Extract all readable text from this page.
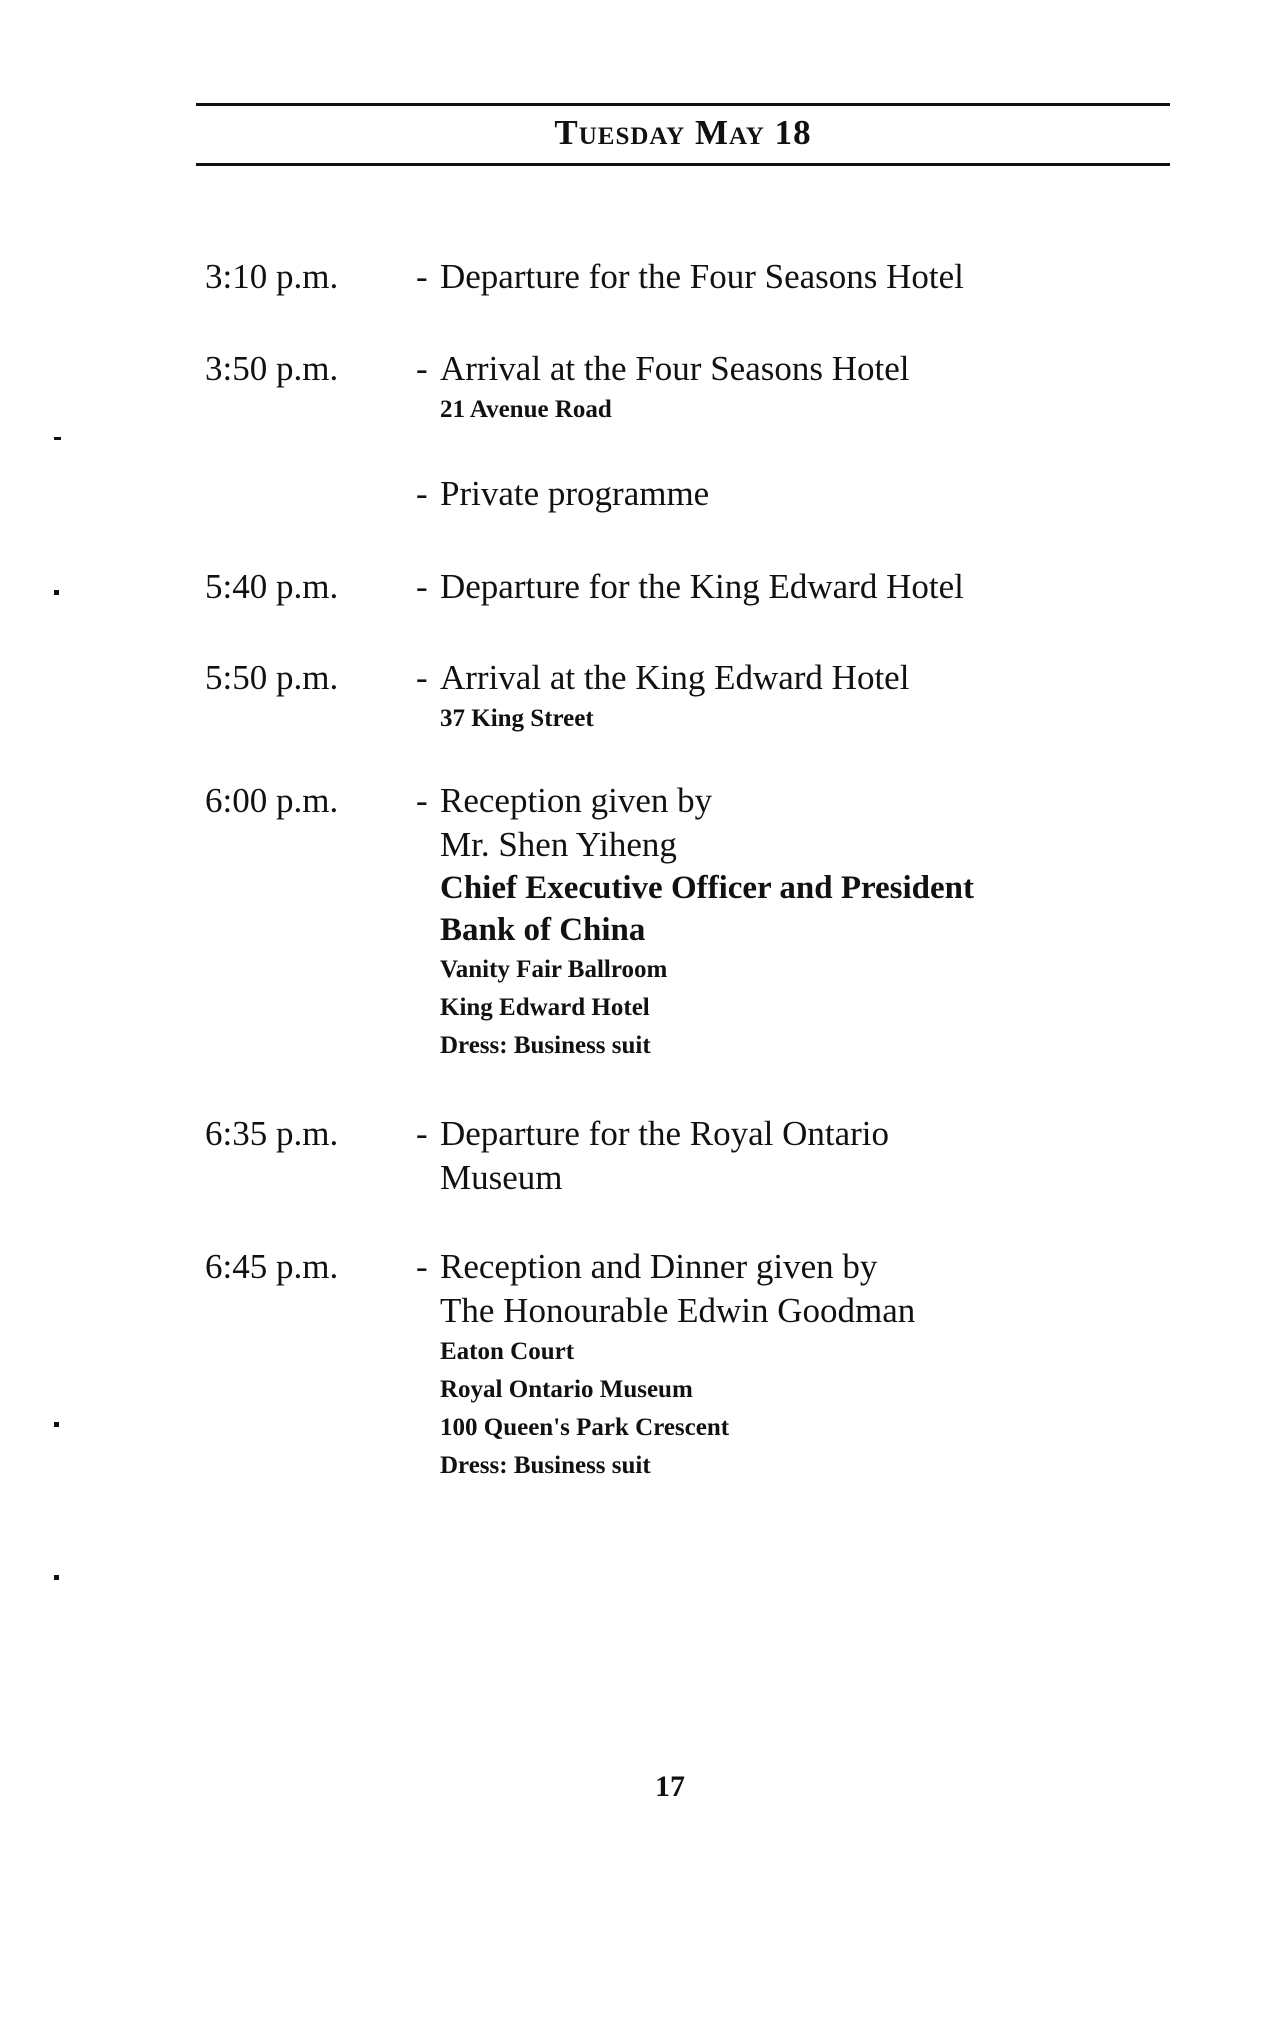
Tuesday May 18
3:10 p.m. - Departure for the Four Seasons Hotel
3:50 p.m. - Arrival at the Four Seasons Hotel
21 Avenue Road
- Private programme
5:40 p.m. - Departure for the King Edward Hotel
5:50 p.m. - Arrival at the King Edward Hotel
37 King Street
6:00 p.m. - Reception given by
Mr. Shen Yiheng
Chief Executive Officer and President
Bank of China
Vanity Fair Ballroom
King Edward Hotel
Dress: Business suit
6:35 p.m. - Departure for the Royal Ontario
Museum
6:45 p.m. - Reception and Dinner given by
The Honourable Edwin Goodman
Eaton Court
Royal Ontario Museum
100 Queen's Park Crescent
Dress: Business suit
17
